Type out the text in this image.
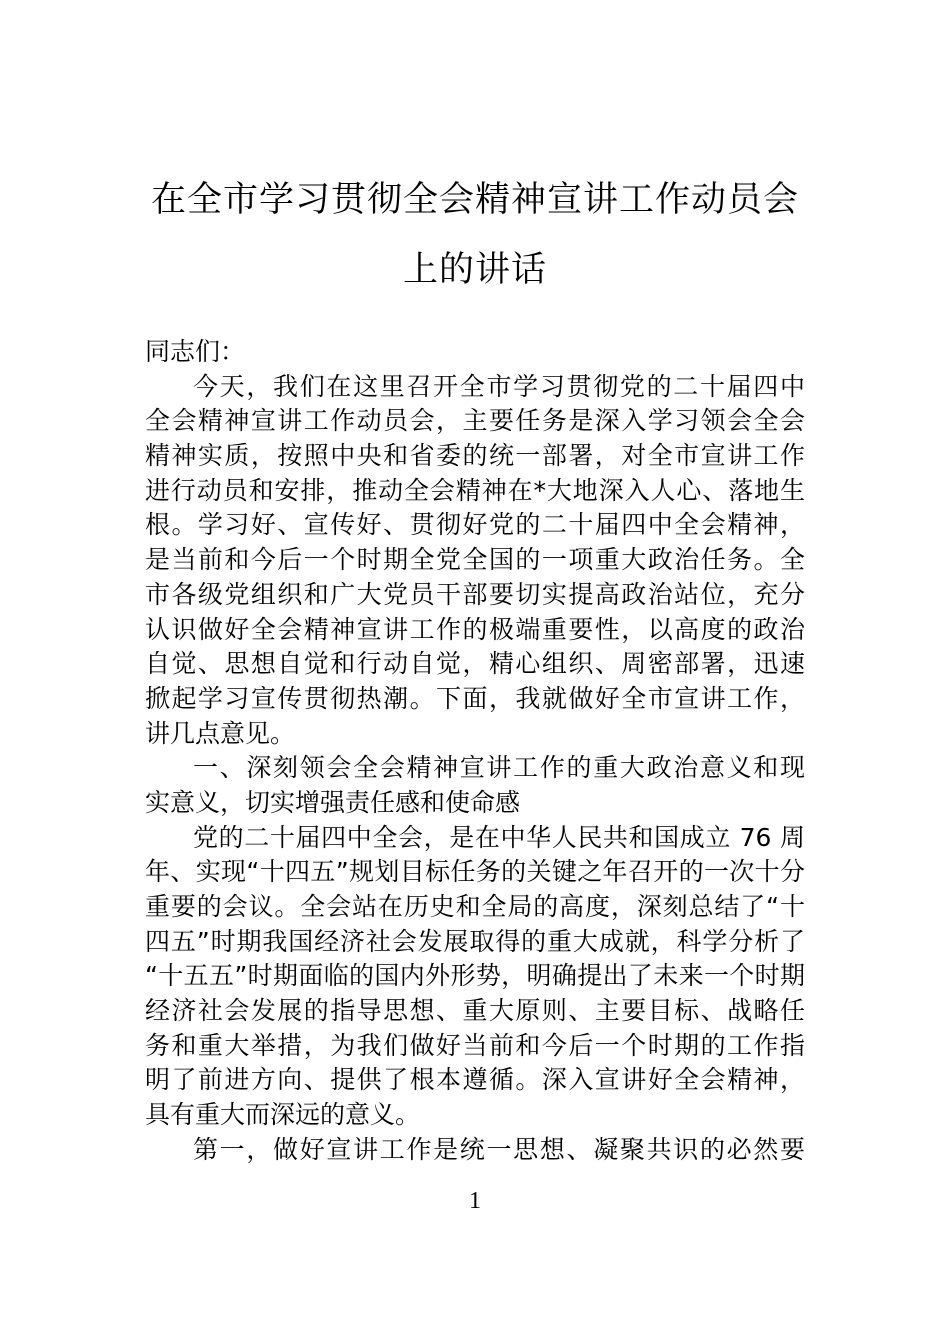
在全市学习贯彻全会精神宣讲工作动员会
上的讲话
同志们：
今天，我们在这里召开全市学习贯彻党的二十届四中
全会精神宣讲工作动员会，主要任务是深入学习领会全会
精神实质，按照中央和省委的统一部署，对全市宣讲工作
进行动员和安排，推动全会精神在*大地深入人心、落地生
根。学习好、宣传好、贯彻好党的二十届四中全会精神，
是当前和今后一个时期全党全国的一项重大政治任务。全
市各级党组织和广大党员干部要切实提高政治站位，充分
认识做好全会精神宣讲工作的极端重要性，以高度的政治
自觉、思想自觉和行动自觉，精心组织、周密部署，迅速
掀起学习宣传贯彻热潮。下面，我就做好全市宣讲工作，
讲几点意见。
一、深刻领会全会精神宣讲工作的重大政治意义和现
实意义，切实增强责任感和使命感
党的二十届四中全会，是在中华人民共和国成立 76 周
年、实现“十四五”规划目标任务的关键之年召开的一次十分
重要的会议。全会站在历史和全局的高度，深刻总结了“十
四五”时期我国经济社会发展取得的重大成就，科学分析了
“十五五”时期面临的国内外形势，明确提出了未来一个时期
经济社会发展的指导思想、重大原则、主要目标、战略任
务和重大举措，为我们做好当前和今后一个时期的工作指
明了前进方向、提供了根本遵循。深入宣讲好全会精神，
具有重大而深远的意义。
第一，做好宣讲工作是统一思想、凝聚共识的必然要
1
